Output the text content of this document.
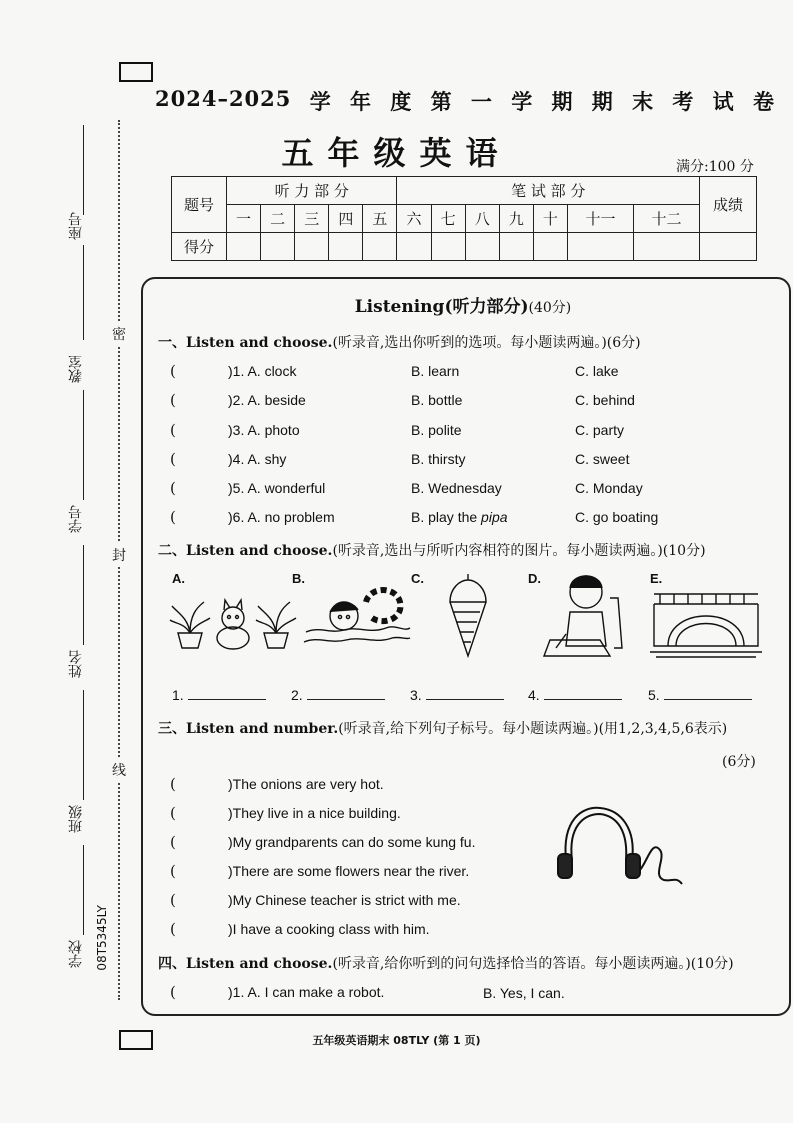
2024–2025 学 年 度 第 一 学 期 期 末 考 试 卷
五年级英语	满分:100 分
题号	听 力 部 分					笔 试 部 分							成绩
	一	二	三	四	五	六	七	八	九	十	十一	十二	
得分													
座号
教室
学号
姓名
班级
学校 08T5345LY
密
封
线
Listening(听力部分)(40分)
一、Listen and choose.(听录音,选出你听到的选项。每小题读两遍。)(6分)
(	)1. A. clock	B. learn	C. lake
(	)2. A. beside	B. bottle	C. behind
(	)3. A. photo	B. polite	C. party
(	)4. A. shy	B. thirsty	C. sweet
(	)5. A. wonderful	B. Wednesday	C. Monday
(	)6. A. no problem	B. play the pipa	C. go boating
二、Listen and choose.(听录音,选出与所听内容相符的图片。每小题读两遍。)(10分)
A.	B.	C.	D.	E.
1.	2.	3.	4.	5.
三、Listen and number.(听录音,给下列句子标号。每小题读两遍。)(用1,2,3,4,5,6表示)
(6分)
(	)The onions are very hot.
(	)They live in a nice building.
(	)My grandparents can do some kung fu.
(	)There are some flowers near the river.
(	)My Chinese teacher is strict with me.
(	)I have a cooking class with him.
四、Listen and choose.(听录音,给你听到的问句选择恰当的答语。每小题读两遍。)(10分)
(	)1. A. I can make a robot.	B. Yes, I can.
五年级英语期末 08TLY (第 1 页)
